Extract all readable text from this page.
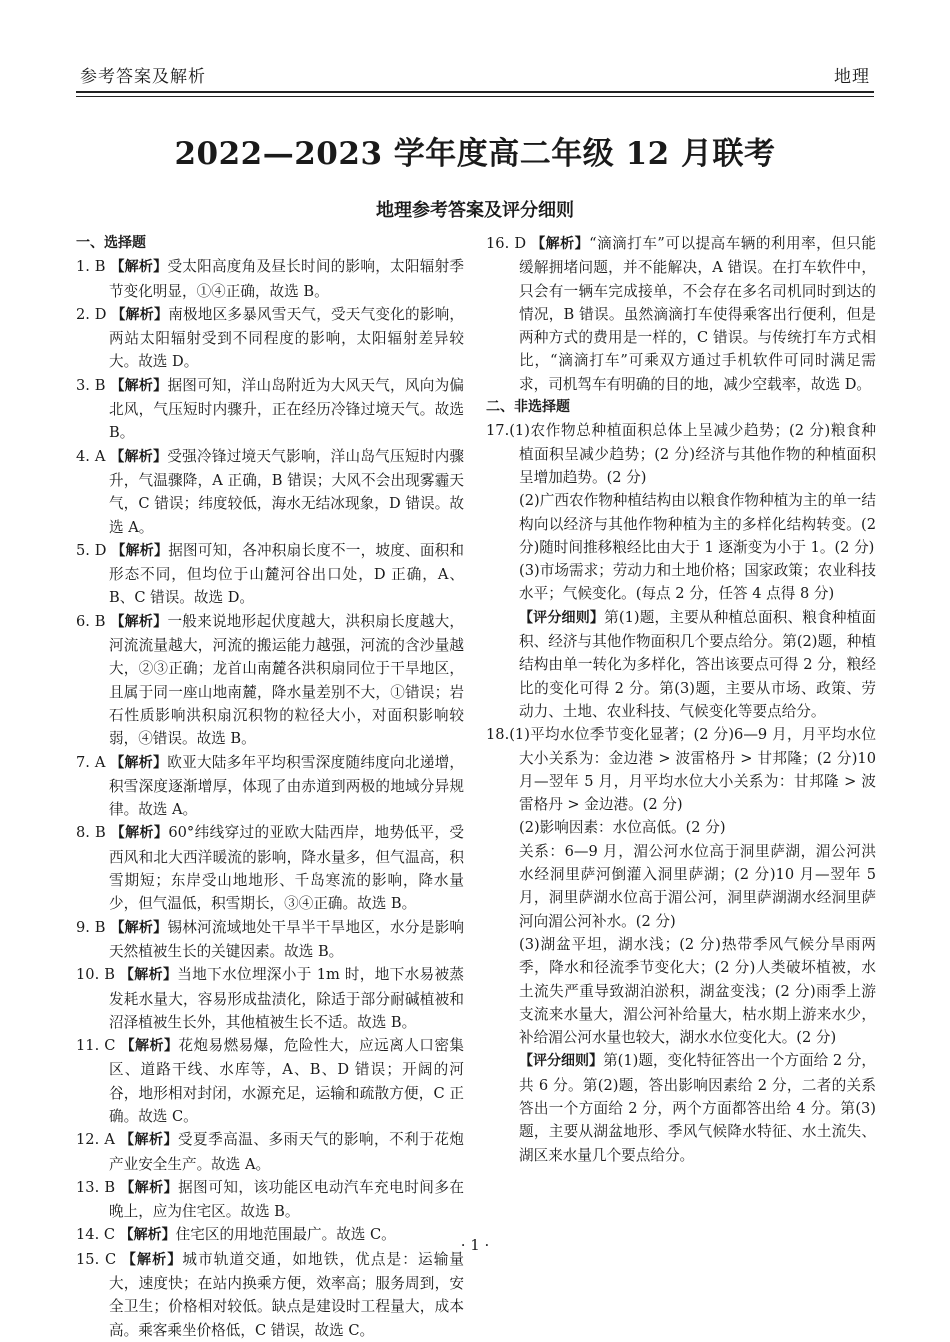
参考答案及解析	地理
2022—2023 学年度高二年级 12 月联考
地理参考答案及评分细则
一、选择题
1. B 【解析】受太阳高度角及昼长时间的影响，太阳辐射季节变化明显，①④正确，故选 B。
2. D 【解析】南极地区多暴风雪天气，受天气变化的影响，两站太阳辐射受到不同程度的影响，太阳辐射差异较大。故选 D。
3. B 【解析】据图可知，洋山岛附近为大风天气，风向为偏北风，气压短时内骤升，正在经历冷锋过境天气。故选 B。
4. A 【解析】受强冷锋过境天气影响，洋山岛气压短时内骤升，气温骤降，A 正确，B 错误；大风不会出现雾霾天气，C 错误；纬度较低，海水无结冰现象，D 错误。故选 A。
5. D 【解析】据图可知，各冲积扇长度不一，坡度、面积和形态不同，但均位于山麓河谷出口处，D 正确，A、B、C 错误。故选 D。
6. B 【解析】一般来说地形起伏度越大，洪积扇长度越大，河流流量越大，河流的搬运能力越强，河流的含沙量越大，②③正确；龙首山南麓各洪积扇同位于干旱地区，且属于同一座山地南麓，降水量差别不大，①错误；岩石性质影响洪积扇沉积物的粒径大小，对面积影响较弱，④错误。故选 B。
7. A 【解析】欧亚大陆多年平均积雪深度随纬度向北递增，积雪深度逐渐增厚，体现了由赤道到两极的地域分异规律。故选 A。
8. B 【解析】60°纬线穿过的亚欧大陆西岸，地势低平，受西风和北大西洋暖流的影响，降水量多，但气温高，积雪期短；东岸受山地地形、千岛寒流的影响，降水量少，但气温低，积雪期长，③④正确。故选 B。
9. B 【解析】锡林河流域地处干旱半干旱地区，水分是影响天然植被生长的关键因素。故选 B。
10. B 【解析】当地下水位埋深小于 1m 时，地下水易被蒸发耗水量大，容易形成盐渍化，除适于部分耐碱植被和沼泽植被生长外，其他植被生长不适。故选 B。
11. C 【解析】花炮易燃易爆，危险性大，应远离人口密集区、道路干线、水库等，A、B、D 错误；开阔的河谷，地形相对封闭，水源充足，运输和疏散方便，C 正确。故选 C。
12. A 【解析】受夏季高温、多雨天气的影响，不利于花炮产业安全生产。故选 A。
13. B 【解析】据图可知，该功能区电动汽车充电时间多在晚上，应为住宅区。故选 B。
14. C 【解析】住宅区的用地范围最广。故选 C。
15. C 【解析】城市轨道交通，如地铁，优点是：运输量大，速度快；在站内换乘方便，效率高；服务周到，安全卫生；价格相对较低。缺点是建设时工程量大，成本高。乘客乘坐价格低，C 错误，故选 C。
16. D 【解析】“滴滴打车”可以提高车辆的利用率，但只能缓解拥堵问题，并不能解决，A 错误。在打车软件中，只会有一辆车完成接单，不会存在多名司机同时到达的情况，B 错误。虽然滴滴打车使得乘客出行便利，但是两种方式的费用是一样的，C 错误。与传统打车方式相比，“滴滴打车”可乘双方通过手机软件可同时满足需求，司机驾车有明确的目的地，减少空载率，故选 D。
二、非选择题
17.(1)农作物总种植面积总体上呈减少趋势；(2 分)粮食种植面积呈减少趋势；(2 分)经济与其他作物的种植面积呈增加趋势。(2 分)
(2)广西农作物种植结构由以粮食作物种植为主的单一结构向以经济与其他作物种植为主的多样化结构转变。(2 分)随时间推移粮经比由大于 1 逐渐变为小于 1。(2 分)
(3)市场需求；劳动力和土地价格；国家政策；农业科技水平；气候变化。(每点 2 分，任答 4 点得 8 分)
【评分细则】第(1)题，主要从种植总面积、粮食种植面积、经济与其他作物面积几个要点给分。第(2)题，种植结构由单一转化为多样化，答出该要点可得 2 分，粮经比的变化可得 2 分。第(3)题，主要从市场、政策、劳动力、土地、农业科技、气候变化等要点给分。
18.(1)平均水位季节变化显著；(2 分)6—9 月，月平均水位大小关系为：金边港 > 波雷格丹 > 甘邦隆；(2 分)10 月—翌年 5 月，月平均水位大小关系为：甘邦隆 > 波雷格丹 > 金边港。(2 分)
(2)影响因素：水位高低。(2 分)
关系：6—9 月，湄公河水位高于洞里萨湖，湄公河洪水经洞里萨河倒灌入洞里萨湖；(2 分)10 月—翌年 5 月，洞里萨湖水位高于湄公河，洞里萨湖湖水经洞里萨河向湄公河补水。(2 分)
(3)湖盆平坦，湖水浅；(2 分)热带季风气候分旱雨两季，降水和径流季节变化大；(2 分)人类破坏植被，水土流失严重导致湖泊淤积，湖盆变浅；(2 分)雨季上游支流来水量大，湄公河补给量大，枯水期上游来水少，补给湄公河水量也较大，湖水水位变化大。(2 分)
【评分细则】第(1)题，变化特征答出一个方面给 2 分，共 6 分。第(2)题，答出影响因素给 2 分，二者的关系答出一个方面给 2 分，两个方面都答出给 4 分。第(3)题，主要从湖盆地形、季风气候降水特征、水土流失、湖区来水量几个要点给分。
· 1 ·
